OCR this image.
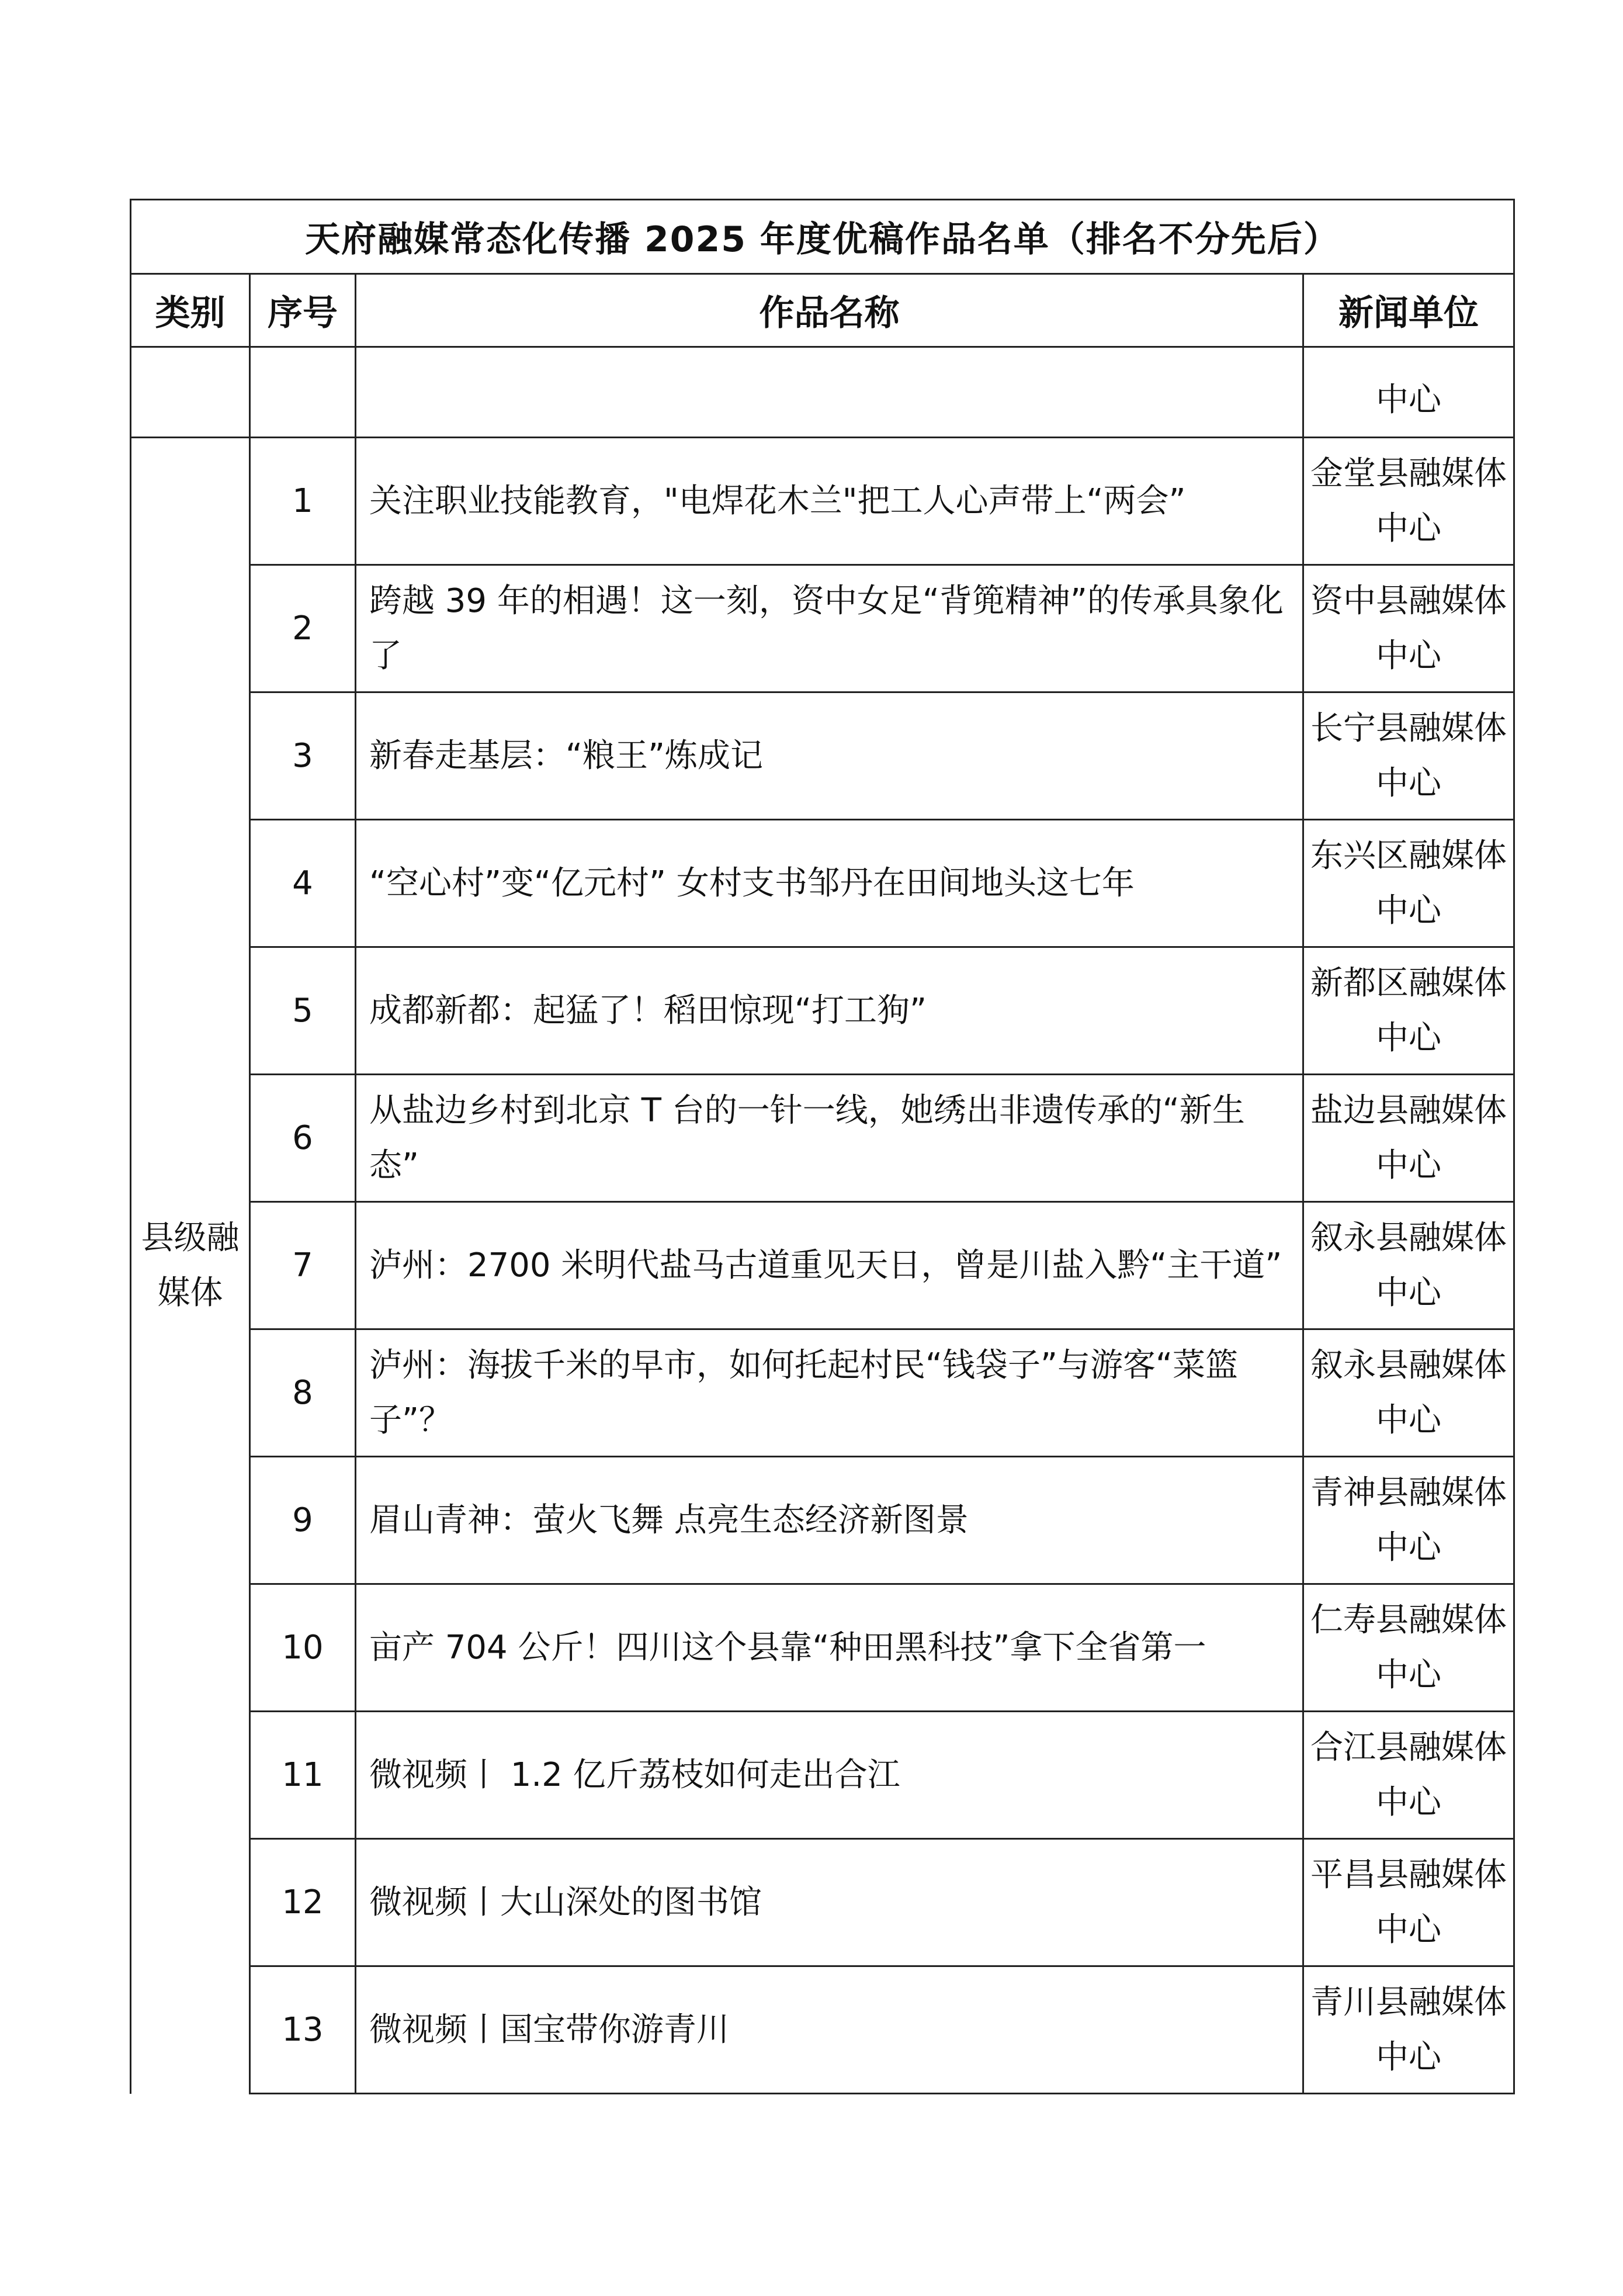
天府融媒常态化传播 2025 年度优稿作品名单（排名不分先后）			
类别	序号	作品名称	新闻单位
			中心
县级融媒体	1	关注职业技能教育，"电焊花木兰"把工人心声带上“两会”	金堂县融媒体中心
	2	跨越 39 年的相遇！这一刻，资中女足“背篼精神”的传承具象化了	资中县融媒体中心
	3	新春走基层：“粮王”炼成记	长宁县融媒体中心
	4	“空心村”变“亿元村” 女村支书邹丹在田间地头这七年	东兴区融媒体中心
	5	成都新都：起猛了！稻田惊现“打工狗”	新都区融媒体中心
	6	从盐边乡村到北京 T 台的一针一线，她绣出非遗传承的“新生态”	盐边县融媒体中心
	7	泸州：2700 米明代盐马古道重见天日，曾是川盐入黔“主干道”	叙永县融媒体中心
	8	泸州：海拔千米的早市，如何托起村民“钱袋子”与游客“菜篮子”？	叙永县融媒体中心
	9	眉山青神：萤火飞舞 点亮生态经济新图景	青神县融媒体中心
	10	亩产 704 公斤！四川这个县靠“种田黑科技”拿下全省第一	仁寿县融媒体中心
	11	微视频丨 1.2 亿斤荔枝如何走出合江	合江县融媒体中心
	12	微视频丨大山深处的图书馆	平昌县融媒体中心
	13	微视频丨国宝带你游青川	青川县融媒体中心
